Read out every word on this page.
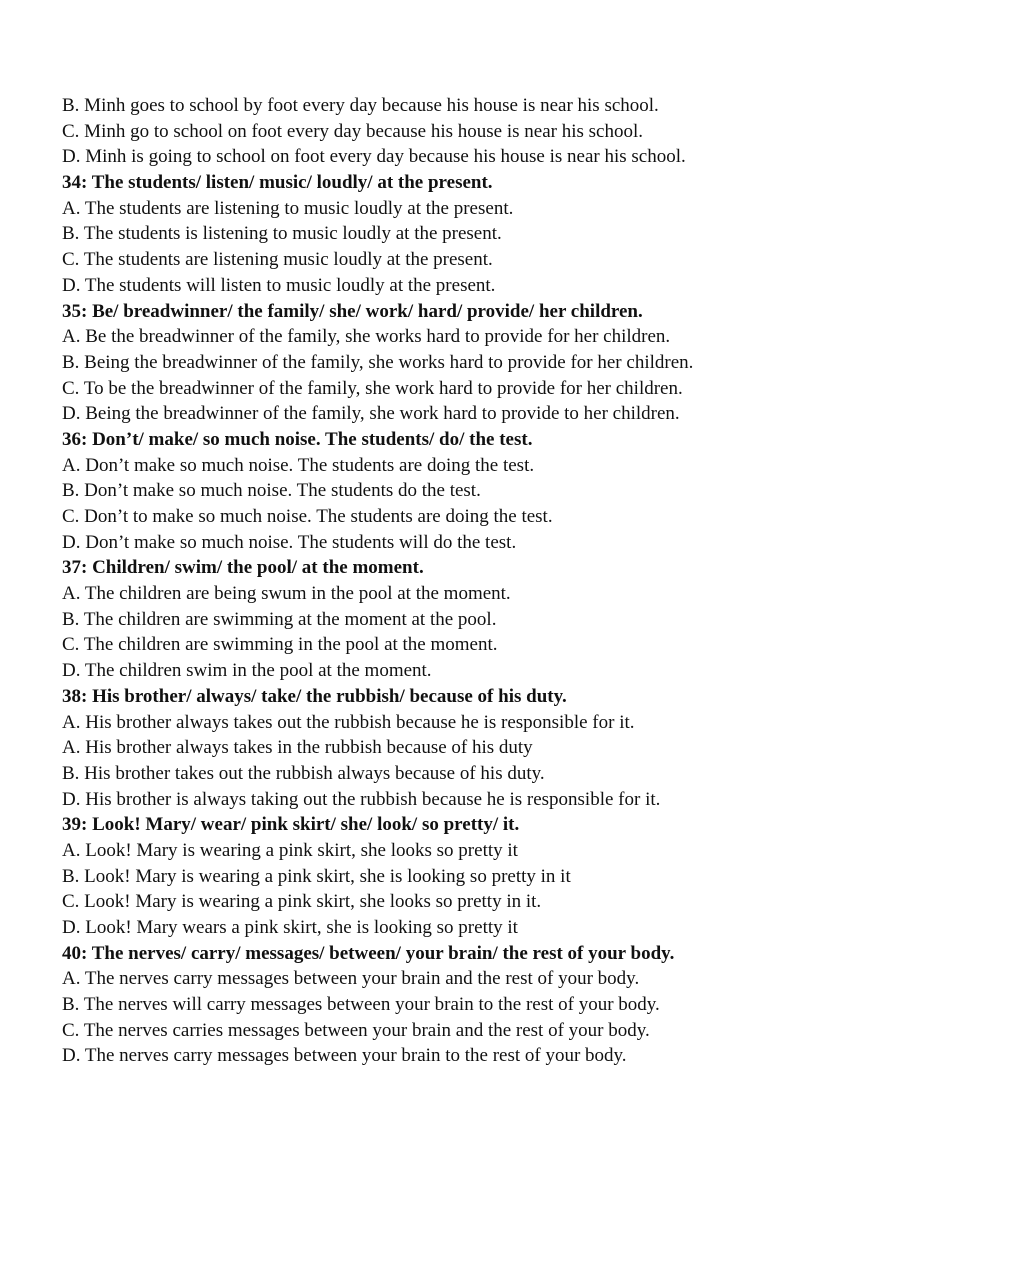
B. Minh goes to school by foot every day because his house is near his school.
C. Minh go to school on foot every day because his house is near his school.
D. Minh is going to school on foot every day because his house is near his school.
34: The students/ listen/ music/ loudly/ at the present.
A. The students are listening to music loudly at the present.
B. The students is listening to music loudly at the present.
C. The students are listening music loudly at the present.
D. The students will listen to music loudly at the present.
35: Be/ breadwinner/ the family/ she/ work/ hard/ provide/ her children.
A. Be the breadwinner of the family, she works hard to provide for her children.
B. Being the breadwinner of the family, she works hard to provide for her children.
C. To be the breadwinner of the family, she work hard to provide for her children.
D. Being the breadwinner of the family, she work hard to provide to her children.
36: Don’t/ make/ so much noise. The students/ do/ the test.
A. Don’t make so much noise. The students are doing the test.
B. Don’t make so much noise. The students do the test.
C. Don’t to make so much noise. The students are doing the test.
D. Don’t make so much noise. The students will do the test.
37: Children/ swim/ the pool/ at the moment.
A. The children are being swum in the pool at the moment.
B. The children are swimming at the moment at the pool.
C. The children are swimming in the pool at the moment.
D. The children swim in the pool at the moment.
38: His brother/ always/ take/ the rubbish/ because of his duty.
A. His brother always takes out the rubbish because he is responsible for it.
A. His brother always takes in the rubbish because of his duty
B. His brother takes out the rubbish always because of his duty.
D. His brother is always taking out the rubbish because he is responsible for it.
39: Look! Mary/ wear/ pink skirt/ she/ look/ so pretty/ it.
A. Look! Mary is wearing a pink skirt, she looks so pretty it
B. Look! Mary is wearing a pink skirt, she is looking so pretty in it
C. Look! Mary is wearing a pink skirt, she looks so pretty in it.
D. Look! Mary wears a pink skirt, she is looking so pretty it
40: The nerves/ carry/ messages/ between/ your brain/ the rest of your body.
A. The nerves carry messages between your brain and the rest of your body.
B. The nerves will carry messages between your brain to the rest of your body.
C. The nerves carries messages between your brain and the rest of your body.
D. The nerves carry messages between your brain to the rest of your body.
